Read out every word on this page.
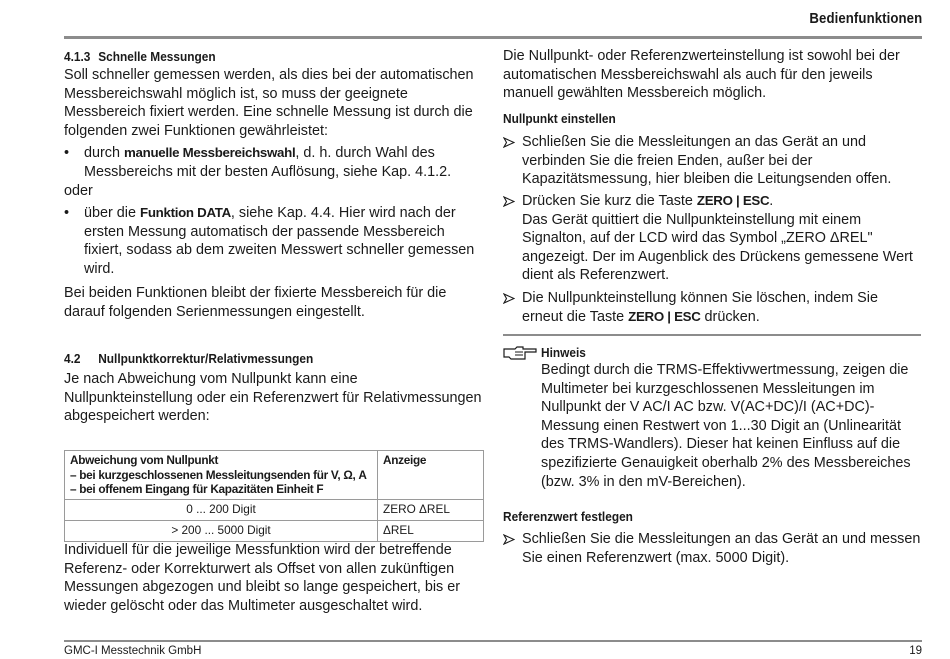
Bedienfunktionen
4.1.3 Schnelle Messungen

Soll schneller gemessen werden, als dies bei der automatischen Messbereichswahl möglich ist, so muss der geeignete Messbereich fixiert werden. Eine schnelle Messung ist durch die folgenden zwei Funktionen gewährleistet:

• durch manuelle Messbereichswahl, d. h. durch Wahl des Messbereichs mit der besten Auflösung, siehe Kap. 4.1.2.
oder
• über die Funktion DATA, siehe Kap. 4.4. Hier wird nach der ersten Messung automatisch der passende Messbereich fixiert, sodass ab dem zweiten Messwert schneller gemessen wird.
Bei beiden Funktionen bleibt der fixierte Messbereich für die darauf folgenden Serienmessungen eingestellt.
4.2 Nullpunktkorrektur/Relativmessungen
Je nach Abweichung vom Nullpunkt kann eine Nullpunkteinstellung oder ein Referenzwert für Relativmessungen abgespeichert werden:
Individuell für die jeweilige Messfunktion wird der betreffende Referenz- oder Korrekturwert als Offset von allen zukünftigen Messungen abgezogen und bleibt so lange gespeichert, bis er wieder gelöscht oder das Multimeter ausgeschaltet wird.
Abweichung vom Nullpunkt
– bei kurzgeschlossenen Messleitungsenden für V, Ω, A
– bei offenem Eingang für Kapazitäten Einheit F	Anzeige
0 ... 200 Digit	ZERO ΔREL
> 200 ... 5000 Digit	ΔREL
Die Nullpunkt- oder Referenzwerteinstellung ist sowohl bei der automatischen Messbereichswahl als auch für den jeweils manuell gewählten Messbereich möglich.
Nullpunkt einstellen
Schließen Sie die Messleitungen an das Gerät an und verbinden Sie die freien Enden, außer bei der Kapazitätsmessung, hier bleiben die Leitungsenden offen.
Drücken Sie kurz die Taste ZERO | ESC.
Das Gerät quittiert die Nullpunkteinstellung mit einem Signalton, auf der LCD wird das Symbol „ZERO ΔREL" angezeigt. Der im Augenblick des Drückens gemessene Wert dient als Referenzwert.
Die Nullpunkteinstellung können Sie löschen, indem Sie erneut die Taste ZERO | ESC drücken.
Referenzwert festlegen
Schließen Sie die Messleitungen an das Gerät an und messen Sie einen Referenzwert (max. 5000 Digit).
Hinweis
Bedingt durch die TRMS-Effektivwertmessung, zeigen die Multimeter bei kurzgeschlossenen Messleitungen im Nullpunkt der V AC/I AC bzw. V(AC+DC)/I (AC+DC)-Messung einen Restwert von 1...30 Digit an (Unlinearität des TRMS-Wandlers). Dieser hat keinen Einfluss auf die spezifizierte Genauigkeit oberhalb 2% des Messbereiches (bzw. 3% in den mV-Bereichen).
GMC-I Messtechnik GmbH	19
